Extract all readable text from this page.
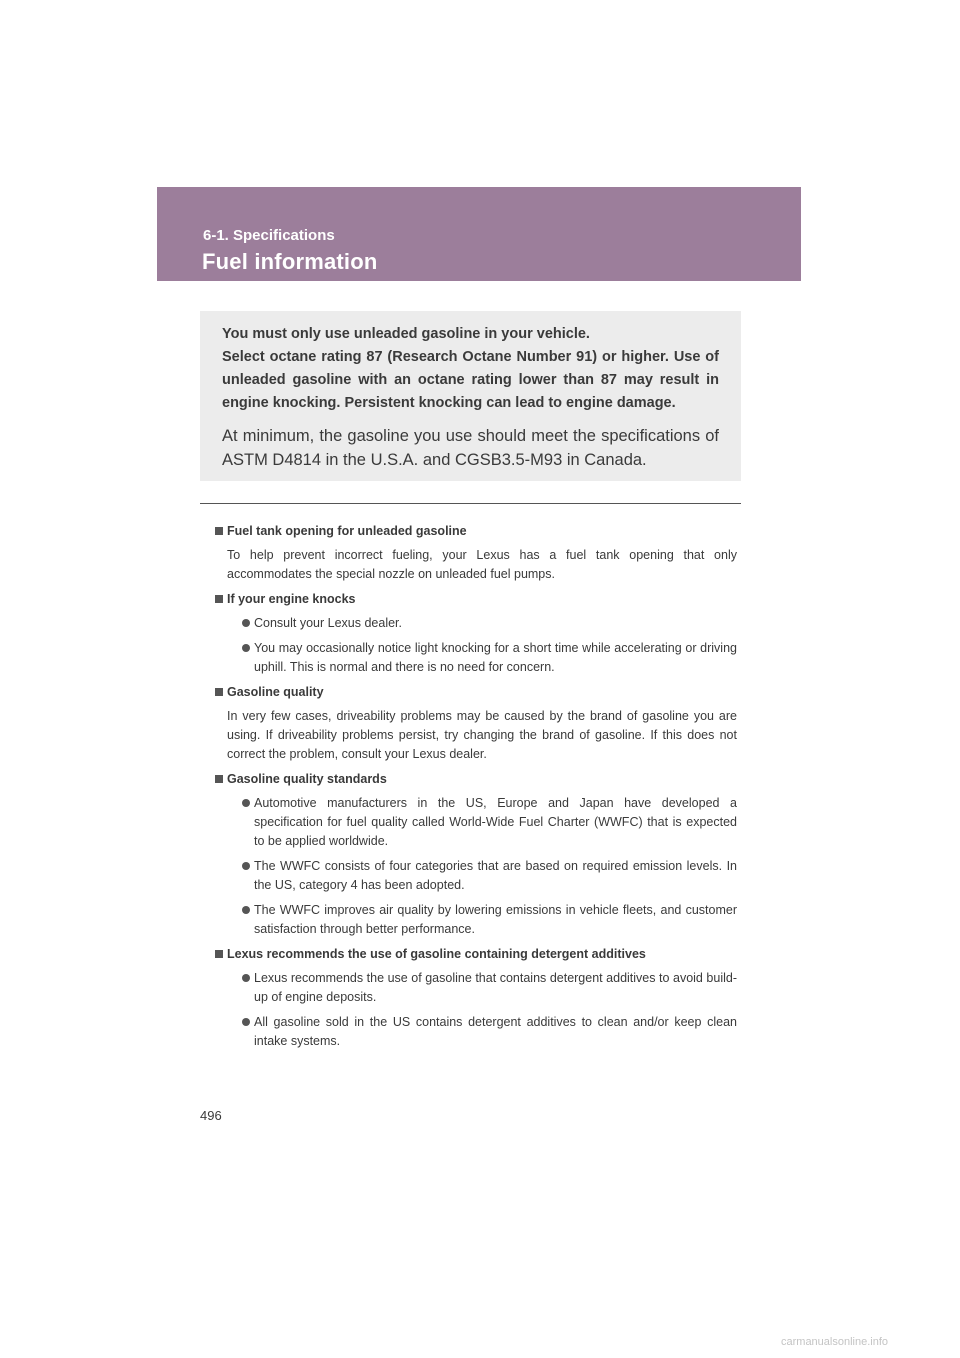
6-1. Specifications
Fuel information

You must only use unleaded gasoline in your vehicle.

Select octane rating 87 (Research Octane Number 91) or higher. Use of unleaded gasoline with an octane rating lower than 87 may result in engine knocking. Persistent knocking can lead to engine damage.

At minimum, the gasoline you use should meet the specifications of ASTM D4814 in the U.S.A. and CGSB3.5-M93 in Canada.

Fuel tank opening for unleaded gasoline

To help prevent incorrect fueling, your Lexus has a fuel tank opening that only accommodates the special nozzle on unleaded fuel pumps.

If your engine knocks
Consult your Lexus dealer.
You may occasionally notice light knocking for a short time while accelerating or driving uphill. This is normal and there is no need for concern.
Gasoline quality

In very few cases, driveability problems may be caused by the brand of gasoline you are using. If driveability problems persist, try changing the brand of gasoline. If this does not correct the problem, consult your Lexus dealer.

Gasoline quality standards
Automotive manufacturers in the US, Europe and Japan have developed a specification for fuel quality called World-Wide Fuel Charter (WWFC) that is expected to be applied worldwide.
The WWFC consists of four categories that are based on required emission levels. In the US, category 4 has been adopted.
The WWFC improves air quality by lowering emissions in vehicle fleets, and customer satisfaction through better performance.
Lexus recommends the use of gasoline containing detergent additives
Lexus recommends the use of gasoline that contains detergent additives to avoid build-up of engine deposits.
All gasoline sold in the US contains detergent additives to clean and/or keep clean intake systems.
496
carmanualsonline.info
